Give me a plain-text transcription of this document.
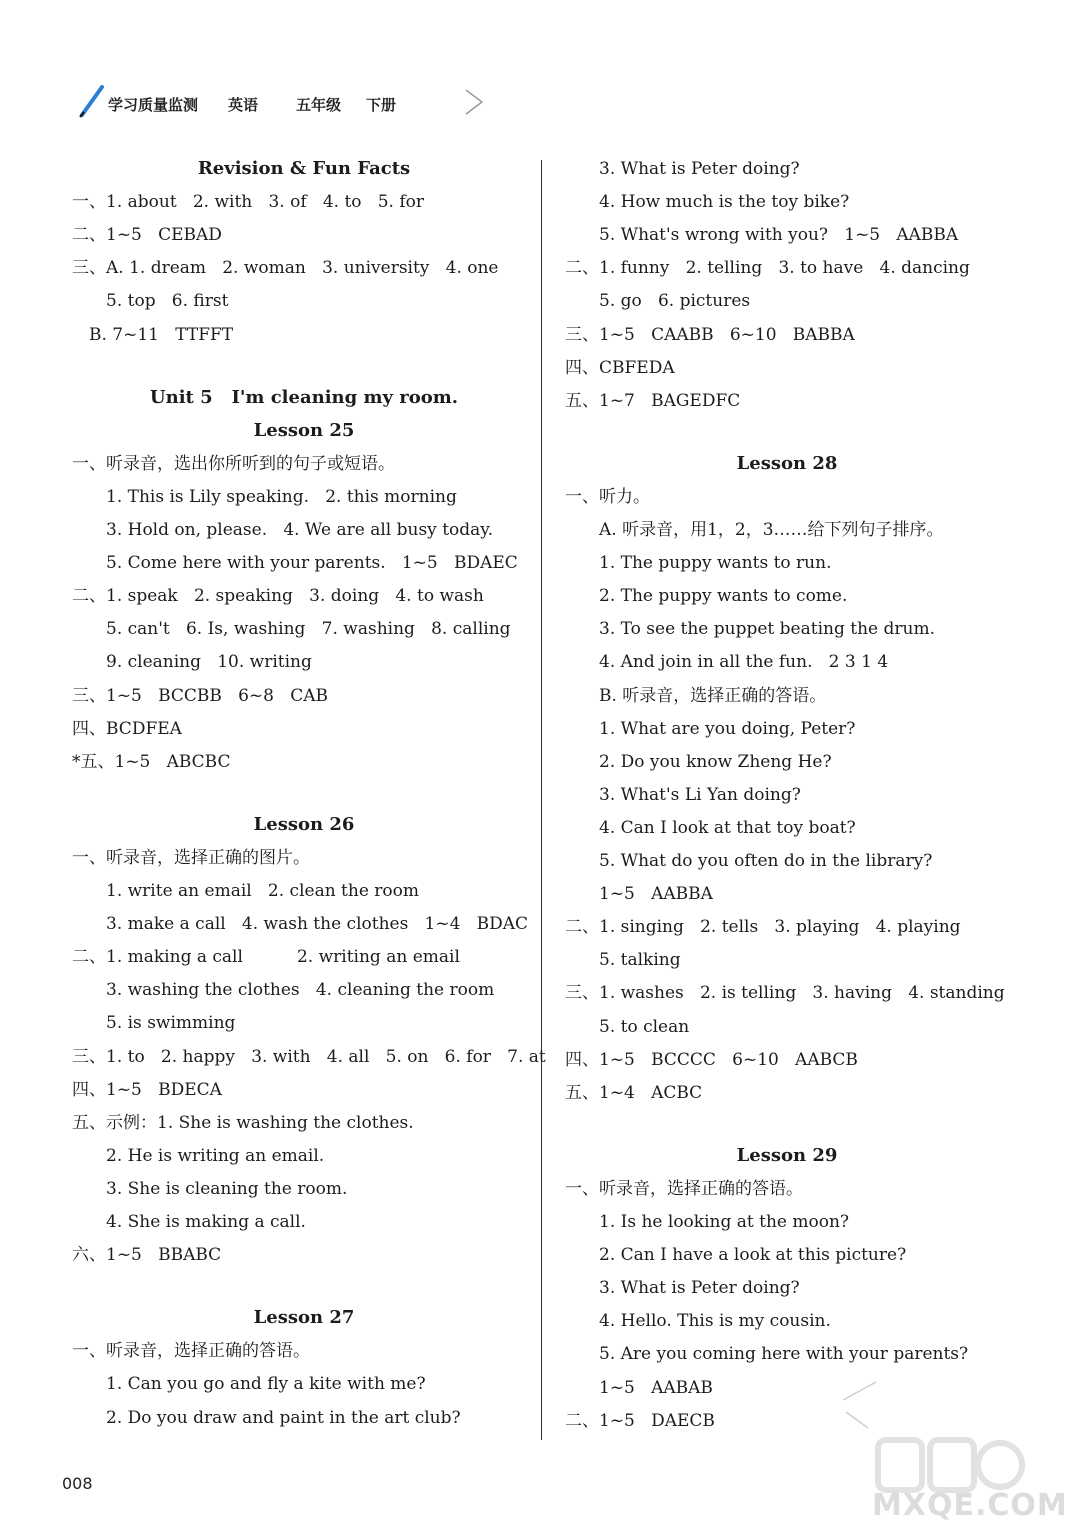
学习质量监测 英语	五年级 下册
Revision & Fun Facts
一、1. about   2. with   3. of   4. to   5. for
二、1~5   CEBAD
三、A. 1. dream   2. woman   3. university   4. one
5. top   6. first
B. 7~11   TTFFT
Unit 5   I'm cleaning my room.
Lesson 25
一、听录音，选出你所听到的句子或短语。
1. This is Lily speaking.   2. this morning
3. Hold on, please.   4. We are all busy today.
5. Come here with your parents.   1~5   BDAEC
二、1. speak   2. speaking   3. doing   4. to wash
5. can't   6. Is, washing   7. washing   8. calling
9. cleaning   10. writing
三、1~5   BCCBB   6~8   CAB
四、BCDFEA
*五、1~5   ABCBC
Lesson 26
一、听录音，选择正确的图片。
1. write an email   2. clean the room
3. make a call   4. wash the clothes   1~4   BDAC
二、1. making a call          2. writing an email
3. washing the clothes   4. cleaning the room
5. is swimming
三、1. to   2. happy   3. with   4. all   5. on   6. for   7. at
四、1~5   BDECA
五、示例：1. She is washing the clothes.
2. He is writing an email.
3. She is cleaning the room.
4. She is making a call.
六、1~5   BBABC
Lesson 27
一、听录音，选择正确的答语。
1. Can you go and fly a kite with me?
2. Do you draw and paint in the art club?
3. What is Peter doing?
4. How much is the toy bike?
5. What's wrong with you?   1~5   AABBA
二、1. funny   2. telling   3. to have   4. dancing
5. go   6. pictures
三、1~5   CAABB   6~10   BABBA
四、CBFEDA
五、1~7   BAGEDFC
Lesson 28
一、听力。
A. 听录音，用1，2，3……给下列句子排序。
1. The puppy wants to run.
2. The puppy wants to come.
3. To see the puppet beating the drum.
4. And join in all the fun.   2 3 1 4
B. 听录音，选择正确的答语。
1. What are you doing, Peter?
2. Do you know Zheng He?
3. What's Li Yan doing?
4. Can I look at that toy boat?
5. What do you often do in the library?
1~5   AABBA
二、1. singing   2. tells   3. playing   4. playing
5. talking
三、1. washes   2. is telling   3. having   4. standing
5. to clean
四、1~5   BCCCC   6~10   AABCB
五、1~4   ACBC
Lesson 29
一、听录音，选择正确的答语。
1. Is he looking at the moon?
2. Can I have a look at this picture?
3. What is Peter doing?
4. Hello. This is my cousin.
5. Are you coming here with your parents?
1~5   AABAB
二、1~5   DAECB
008
MXQE.COM
